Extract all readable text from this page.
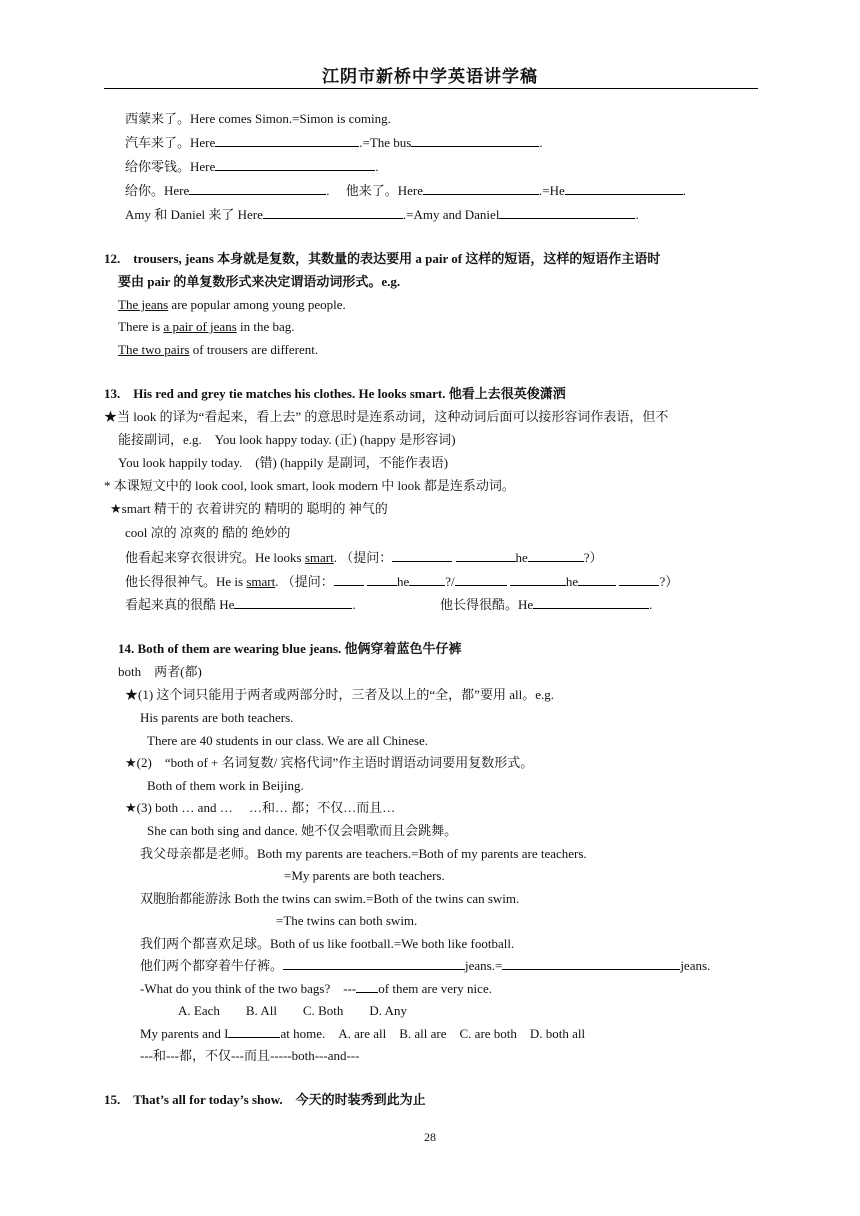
江阴市新桥中学英语讲学稿
西蒙来了。Here comes Simon.=Simon is coming.
汽车来了。Here	.=The bus	.
给你零钱。Here	.
给你。Here	.　 他来了。Here	.=He	.
Amy 和 Daniel 来了 Here	.=Amy and Daniel	.
12.　trousers, jeans 本身就是复数，其数量的表达要用 a pair of 这样的短语，这样的短语作主语时
要由 pair 的单复数形式来决定谓语动词形式。e.g.
The jeans are popular among young people.
There is a pair of jeans in the bag.
The two pairs of trousers are different.
13.　His red and grey tie matches his clothes. He looks smart. 他看上去很英俊潇洒
★当 look 的译为“看起来，看上去” 的意思时是连系动词，这种动词后面可以接形容词作表语，但不
能接副词，e.g.　You look happy today. (正) (happy 是形容词)
You look happily today.　(错) (happily 是副词，不能作表语)
* 本课短文中的 look cool, look smart, look modern 中 look 都是连系动词。
★smart 精干的 衣着讲究的 精明的 聪明的 神气的
cool 凉的 凉爽的 酷的 绝妙的
他看起来穿衣很讲究。He looks smart. （提问：	he	?）
他长得很神气。He is smart. （提问：	he	?/	he	?）
看起来真的很酷 He	.	他长得很酷。He	.
14. Both of them are wearing blue jeans. 他俩穿着蓝色牛仔裤
both　两者(都)
★(1) 这个词只能用于两者或两部分时，三者及以上的“全，都”要用 all。e.g.
His parents are both teachers.
There are 40 students in our class. We are all Chinese.
★(2)　“both of + 名词复数/ 宾格代词”作主语时谓语动词要用复数形式。
Both of them work in Beijing.
★(3) both … and …　 …和… 都；不仅…而且…
She can both sing and dance. 她不仅会唱歌而且会跳舞。
我父母亲都是老师。Both my parents are teachers.=Both of my parents are teachers.
=My parents are both teachers.
双胞胎都能游泳 Both the twins can swim.=Both of the twins can swim.
=The twins can both swim.
我们两个都喜欢足球。Both of us like football.=We both like football.
他们两个都穿着牛仔裤。	jeans.=	jeans.
-What do you think of the two bags?　--- of them are very nice.
A. Each　　B. All　　C. Both　　D. Any
My parents and I	at home.　A. are all　B. all are　C. are both　D. both all
---和---都，不仅---而且-----both---and---
15.　That’s all for today’s show.　今天的时装秀到此为止
28
